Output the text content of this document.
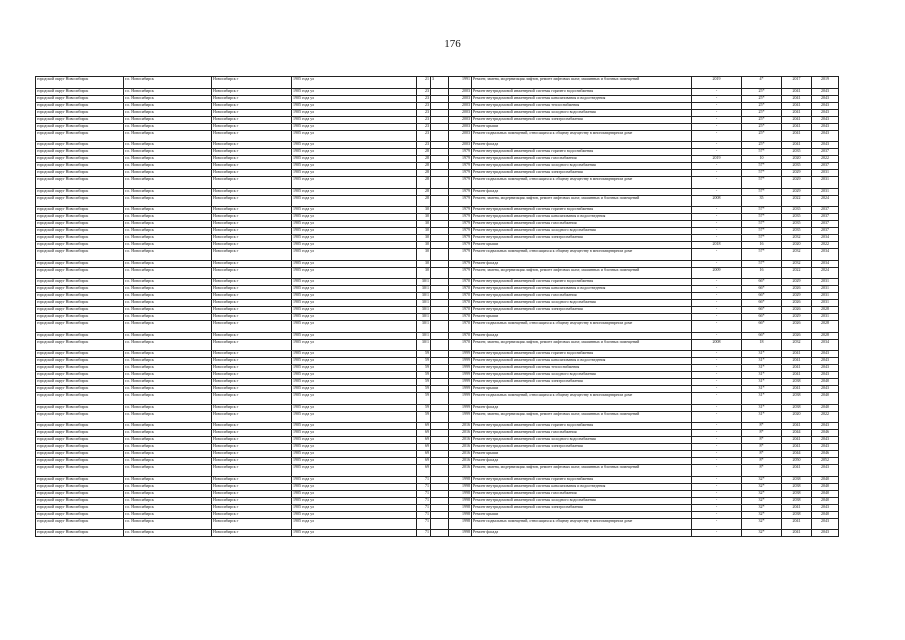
176
городской округ Новосибирск	г.о. Новосибирск	Новосибирск г	1905 года ул	21	3	1991	Ремонт, замена, модернизация лифтов, ремонт лифтовых шахт, машинных и блочных помещений	2019	4*	2017	2019
городской округ Новосибирск	г.о. Новосибирск	Новосибирск г	1905 года ул	23		2003	Ремонт внутридомовой инженерной системы горячего водоснабжения	-	25*	2041	2043
городской округ Новосибирск	г.о. Новосибирск	Новосибирск г	1905 года ул	23		2003	Ремонт внутридомовой инженерной системы канализования и водоотведения	-	25*	2041	2043
городской округ Новосибирск	г.о. Новосибирск	Новосибирск г	1905 года ул	23		2003	Ремонт внутридомовой инженерной системы теплоснабжения	-	25*	2041	2043
городской округ Новосибирск	г.о. Новосибирск	Новосибирск г	1905 года ул	23		2003	Ремонт внутридомовой инженерной системы холодного водоснабжения	-	25*	2041	2043
городской округ Новосибирск	г.о. Новосибирск	Новосибирск г	1905 года ул	23		2003	Ремонт внутридомовой инженерной системы электроснабжения	-	25*	2041	2043
городской округ Новосибирск	г.о. Новосибирск	Новосибирск г	1905 года ул	23		2003	Ремонт крыши	-	25*	2041	2043
городской округ Новосибирск	г.о. Новосибирск	Новосибирск г	1905 года ул	23		2003	Ремонт подвальных помещений, относящихся к общему имуществу в многоквартирном доме	-	25*	2041	2043
городской округ Новосибирск	г.о. Новосибирск	Новосибирск г	1905 года ул	23		2003	Ремонт фасада	-	25*	2041	2043
городской округ Новосибирск	г.о. Новосибирск	Новосибирск г	1905 года ул	28		1979	Ремонт внутридомовой инженерной системы горячего водоснабжения	-	57*	2035	2037
городской округ Новосибирск	г.о. Новосибирск	Новосибирск г	1905 года ул	28		1979	Ремонт внутридомовой инженерной системы газоснабжения	2019	10	2020	2022
городской округ Новосибирск	г.о. Новосибирск	Новосибирск г	1905 года ул	28		1979	Ремонт внутридомовой инженерной системы холодного водоснабжения	-	57*	2035	2037
городской округ Новосибирск	г.о. Новосибирск	Новосибирск г	1905 года ул	28		1979	Ремонт внутридомовой инженерной системы электроснабжения	-	57*	2029	2031
городской округ Новосибирск	г.о. Новосибирск	Новосибирск г	1905 года ул	28		1979	Ремонт подвальных помещений, относящихся к общему имуществу в многоквартирном доме	-	57*	2029	2031
городской округ Новосибирск	г.о. Новосибирск	Новосибирск г	1905 года ул	28		1979	Ремонт фасада	-	57*	2029	2031
городской округ Новосибирск	г.о. Новосибирск	Новосибирск г	1905 года ул	28		1979	Ремонт, замена, модернизация лифтов, ремонт лифтовых шахт, машинных и блочных помещений	2008	35	2022	2024
городской округ Новосибирск	г.о. Новосибирск	Новосибирск г	1905 года ул	30		1979	Ремонт внутридомовой инженерной системы горячего водоснабжения	-	57*	2035	2037
городской округ Новосибирск	г.о. Новосибирск	Новосибирск г	1905 года ул	30		1979	Ремонт внутридомовой инженерной системы канализования и водоотведения	-	57*	2035	2037
городской округ Новосибирск	г.о. Новосибирск	Новосибирск г	1905 года ул	30		1979	Ремонт внутридомовой инженерной системы газоснабжения	-	57*	2035	2037
городской округ Новосибирск	г.о. Новосибирск	Новосибирск г	1905 года ул	30		1979	Ремонт внутридомовой инженерной системы холодного водоснабжения	-	57*	2035	2037
городской округ Новосибирск	г.о. Новосибирск	Новосибирск г	1905 года ул	30		1979	Ремонт внутридомовой инженерной системы электроснабжения	-	57*	2032	2034
городской округ Новосибирск	г.о. Новосибирск	Новосибирск г	1905 года ул	30		1979	Ремонт крыши	2018	16	2020	2022
городской округ Новосибирск	г.о. Новосибирск	Новосибирск г	1905 года ул	30		1979	Ремонт подвальных помещений, относящихся к общему имуществу в многоквартирном доме	-	57*	2032	2034
городской округ Новосибирск	г.о. Новосибирск	Новосибирск г	1905 года ул	30		1979	Ремонт фасада	-	57*	2032	2034
городской округ Новосибирск	г.о. Новосибирск	Новосибирск г	1905 года ул	30		1979	Ремонт, замена, модернизация лифтов, ремонт лифтовых шахт, машинных и блочных помещений	2009	16	2022	2024
городской округ Новосибирск	г.о. Новосибирск	Новосибирск г	1905 года ул	30/1		1970	Ремонт внутридомовой инженерной системы горячего водоснабжения	-	66*	2029	2031
городской округ Новосибирск	г.о. Новосибирск	Новосибирск г	1905 года ул	30/1		1970	Ремонт внутридомовой инженерной системы канализования и водоотведения	-	66*	2026	2031
городской округ Новосибирск	г.о. Новосибирск	Новосибирск г	1905 года ул	30/1		1970	Ремонт внутридомовой инженерной системы газоснабжения	-	66*	2029	2031
городской округ Новосибирск	г.о. Новосибирск	Новосибирск г	1905 года ул	30/1		1970	Ремонт внутридомовой инженерной системы холодного водоснабжения	-	66*	2026	2031
городской округ Новосибирск	г.о. Новосибирск	Новосибирск г	1905 года ул	30/1		1970	Ремонт внутридомовой инженерной системы электроснабжения	-	66*	2026	2028
городской округ Новосибирск	г.о. Новосибирск	Новосибирск г	1905 года ул	30/1		1970	Ремонт крыши	-	66*	2029	2031
городской округ Новосибирск	г.о. Новосибирск	Новосибирск г	1905 года ул	30/1		1970	Ремонт подвальных помещений, относящихся к общему имуществу в многоквартирном доме	-	66*	2026	2028
городской округ Новосибирск	г.о. Новосибирск	Новосибирск г	1905 года ул	30/1		1970	Ремонт фасада	-	66*	2026	2028
городской округ Новосибирск	г.о. Новосибирск	Новосибирск г	1905 года ул	30/1		1970	Ремонт, замена, модернизация лифтов, ремонт лифтовых шахт, машинных и блочных помещений	2008	18	2032	2034
городской округ Новосибирск	г.о. Новосибирск	Новосибирск г	1905 года ул	59		1999	Ремонт внутридомовой инженерной системы горячего водоснабжения	-	31*	2041	2043
городской округ Новосибирск	г.о. Новосибирск	Новосибирск г	1905 года ул	59		1999	Ремонт внутридомовой инженерной системы канализования и водоотведения	-	31*	2041	2043
городской округ Новосибирск	г.о. Новосибирск	Новосибирск г	1905 года ул	59		1999	Ремонт внутридомовой инженерной системы теплоснабжения	-	31*	2041	2043
городской округ Новосибирск	г.о. Новосибирск	Новосибирск г	1905 года ул	59		1999	Ремонт внутридомовой инженерной системы холодного водоснабжения	-	31*	2041	2043
городской округ Новосибирск	г.о. Новосибирск	Новосибирск г	1905 года ул	59		1999	Ремонт внутридомовой инженерной системы электроснабжения	-	31*	2038	2040
городской округ Новосибирск	г.о. Новосибирск	Новосибирск г	1905 года ул	59		1999	Ремонт крыши	-	31*	2041	2043
городской округ Новосибирск	г.о. Новосибирск	Новосибирск г	1905 года ул	59		1999	Ремонт подвальных помещений, относящихся к общему имуществу в многоквартирном доме	-	31*	2038	2040
городской округ Новосибирск	г.о. Новосибирск	Новосибирск г	1905 года ул	59		1999	Ремонт фасада	-	31*	2038	2040
городской округ Новосибирск	г.о. Новосибирск	Новосибирск г	1905 года ул	59		1999	Ремонт, замена, модернизация лифтов, ремонт лифтовых шахт, машинных и блочных помещений	-	31*	2020	2022
городской округ Новосибирск	г.о. Новосибирск	Новосибирск г	1905 года ул	69		2016	Ремонт внутридомовой инженерной системы горячего водоснабжения	-	8*	2041	2043
городской округ Новосибирск	г.о. Новосибирск	Новосибирск г	1905 года ул	69		2016	Ремонт внутридомовой инженерной системы газоснабжения	-	8*	2044	2046
городской округ Новосибирск	г.о. Новосибирск	Новосибирск г	1905 года ул	69		2016	Ремонт внутридомовой инженерной системы холодного водоснабжения	-	8*	2041	2043
городской округ Новосибирск	г.о. Новосибирск	Новосибирск г	1905 года ул	69		2016	Ремонт внутридомовой инженерной системы электроснабжения	-	8*	2041	2043
городской округ Новосибирск	г.о. Новосибирск	Новосибирск г	1905 года ул	69		2016	Ремонт крыши	-	8*	2044	2046
городской округ Новосибирск	г.о. Новосибирск	Новосибирск г	1905 года ул	69		2016	Ремонт фасада	-	8*	2050	2052
городской округ Новосибирск	г.о. Новосибирск	Новосибирск г	1905 года ул	69		2016	Ремонт, замена, модернизация лифтов, ремонт лифтовых шахт, машинных и блочных помещений	-	8*	2041	2043
городской округ Новосибирск	г.о. Новосибирск	Новосибирск г	1905 года ул	71		1998	Ремонт внутридомовой инженерной системы горячего водоснабжения	-	32*	2038	2040
городской округ Новосибирск	г.о. Новосибирск	Новосибирск г	1905 года ул	71		1998	Ремонт внутридомовой инженерной системы канализования и водоотведения	-	32*	2038	2040
городской округ Новосибирск	г.о. Новосибирск	Новосибирск г	1905 года ул	71		1998	Ремонт внутридомовой инженерной системы газоснабжения	-	32*	2038	2040
городской округ Новосибирск	г.о. Новосибирск	Новосибирск г	1905 года ул	71		1998	Ремонт внутридомовой инженерной системы холодного водоснабжения	-	32*	2038	2040
городской округ Новосибирск	г.о. Новосибирск	Новосибирск г	1905 года ул	71		1998	Ремонт внутридомовой инженерной системы электроснабжения	-	32*	2041	2043
городской округ Новосибирск	г.о. Новосибирск	Новосибирск г	1905 года ул	71		1998	Ремонт крыши	-	32*	2038	2040
городской округ Новосибирск	г.о. Новосибирск	Новосибирск г	1905 года ул	71		1998	Ремонт подвальных помещений, относящихся к общему имуществу в многоквартирном доме	-	32*	2041	2043
городской округ Новосибирск	г.о. Новосибирск	Новосибирск г	1905 года ул	71		1998	Ремонт фасада	-	32*	2041	2043
